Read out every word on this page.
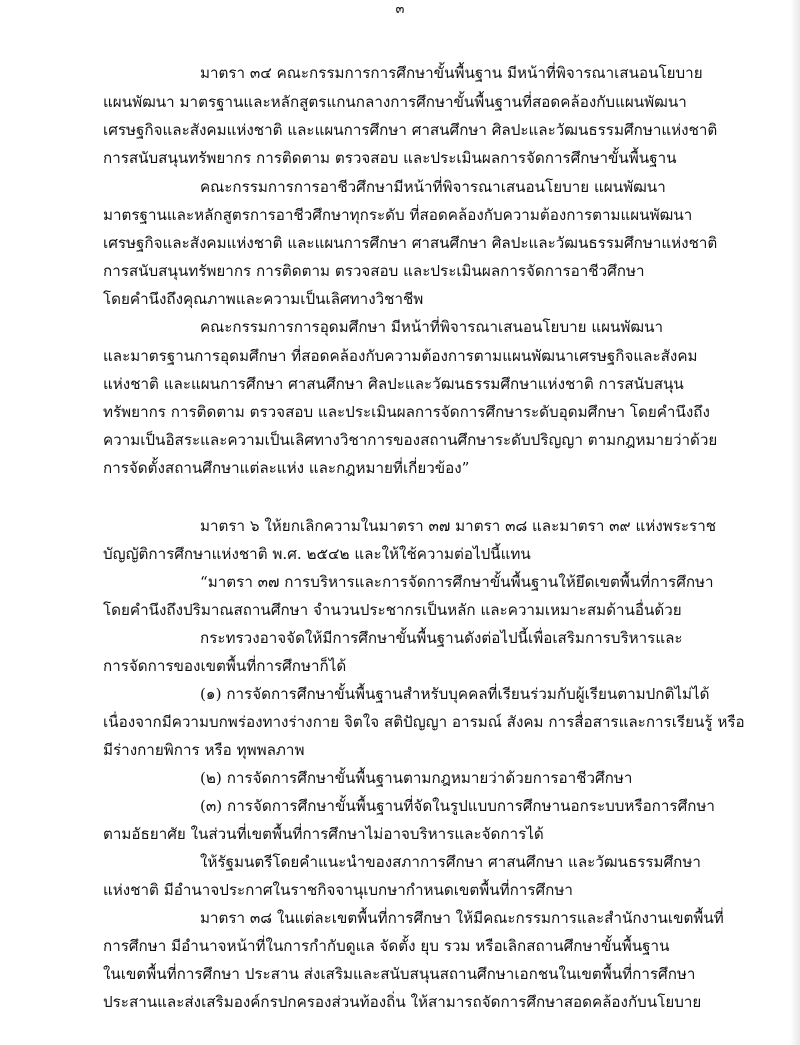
๓
มาตรา ๓๔ คณะกรรมการการศึกษาขั้นพื้นฐาน มีหน้าที่พิจารณาเสนอนโยบาย
แผนพัฒนา มาตรฐานและหลักสูตรแกนกลางการศึกษาขั้นพื้นฐานที่สอดคล้องกับแผนพัฒนา
เศรษฐกิจและสังคมแห่งชาติ และแผนการศึกษา ศาสนศึกษา ศิลปะและวัฒนธรรมศึกษาแห่งชาติ
การสนับสนุนทรัพยากร การติดตาม ตรวจสอบ และประเมินผลการจัดการศึกษาขั้นพื้นฐาน
คณะกรรมการการอาชีวศึกษามีหน้าที่พิจารณาเสนอนโยบาย แผนพัฒนา
มาตรฐานและหลักสูตรการอาชีวศึกษาทุกระดับ ที่สอดคล้องกับความต้องการตามแผนพัฒนา
เศรษฐกิจและสังคมแห่งชาติ และแผนการศึกษา ศาสนศึกษา ศิลปะและวัฒนธรรมศึกษาแห่งชาติ
การสนับสนุนทรัพยากร การติดตาม ตรวจสอบ และประเมินผลการจัดการอาชีวศึกษา
โดยคำนึงถึงคุณภาพและความเป็นเลิศทางวิชาชีพ
คณะกรรมการการอุดมศึกษา มีหน้าที่พิจารณาเสนอนโยบาย แผนพัฒนา
และมาตรฐานการอุดมศึกษา ที่สอดคล้องกับความต้องการตามแผนพัฒนาเศรษฐกิจและสังคม
แห่งชาติ และแผนการศึกษา ศาสนศึกษา ศิลปะและวัฒนธรรมศึกษาแห่งชาติ การสนับสนุน
ทรัพยากร การติดตาม ตรวจสอบ และประเมินผลการจัดการศึกษาระดับอุดมศึกษา โดยคำนึงถึง
ความเป็นอิสระและความเป็นเลิศทางวิชาการของสถานศึกษาระดับปริญญา ตามกฎหมายว่าด้วย
การจัดตั้งสถานศึกษาแต่ละแห่ง และกฎหมายที่เกี่ยวข้อง”
มาตรา ๖ ให้ยกเลิกความในมาตรา ๓๗ มาตรา ๓๘ และมาตรา ๓๙ แห่งพระราช
บัญญัติการศึกษาแห่งชาติ พ.ศ. ๒๕๔๒ และให้ใช้ความต่อไปนี้แทน
“มาตรา ๓๗ การบริหารและการจัดการศึกษาขั้นพื้นฐานให้ยึดเขตพื้นที่การศึกษา
โดยคำนึงถึงปริมาณสถานศึกษา จำนวนประชากรเป็นหลัก และความเหมาะสมด้านอื่นด้วย
กระทรวงอาจจัดให้มีการศึกษาขั้นพื้นฐานดังต่อไปนี้เพื่อเสริมการบริหารและ
การจัดการของเขตพื้นที่การศึกษาก็ได้
(๑) การจัดการศึกษาขั้นพื้นฐานสำหรับบุคคลที่เรียนร่วมกับผู้เรียนตามปกติไม่ได้
เนื่องจากมีความบกพร่องทางร่างกาย จิตใจ สติปัญญา อารมณ์ สังคม การสื่อสารและการเรียนรู้ หรือ
มีร่างกายพิการ หรือ ทุพพลภาพ
(๒) การจัดการศึกษาขั้นพื้นฐานตามกฎหมายว่าด้วยการอาชีวศึกษา
(๓) การจัดการศึกษาขั้นพื้นฐานที่จัดในรูปแบบการศึกษานอกระบบหรือการศึกษา
ตามอัธยาศัย ในส่วนที่เขตพื้นที่การศึกษาไม่อาจบริหารและจัดการได้
ให้รัฐมนตรีโดยคำแนะนำของสภาการศึกษา ศาสนศึกษา และวัฒนธรรมศึกษา
แห่งชาติ มีอำนาจประกาศในราชกิจจานุเบกษากำหนดเขตพื้นที่การศึกษา
มาตรา ๓๘ ในแต่ละเขตพื้นที่การศึกษา ให้มีคณะกรรมการและสำนักงานเขตพื้นที่
การศึกษา มีอำนาจหน้าที่ในการกำกับดูแล จัดตั้ง ยุบ รวม หรือเลิกสถานศึกษาขั้นพื้นฐาน
ในเขตพื้นที่การศึกษา ประสาน ส่งเสริมและสนับสนุนสถานศึกษาเอกชนในเขตพื้นที่การศึกษา
ประสานและส่งเสริมองค์กรปกครองส่วนท้องถิ่น ให้สามารถจัดการศึกษาสอดคล้องกับนโยบาย
